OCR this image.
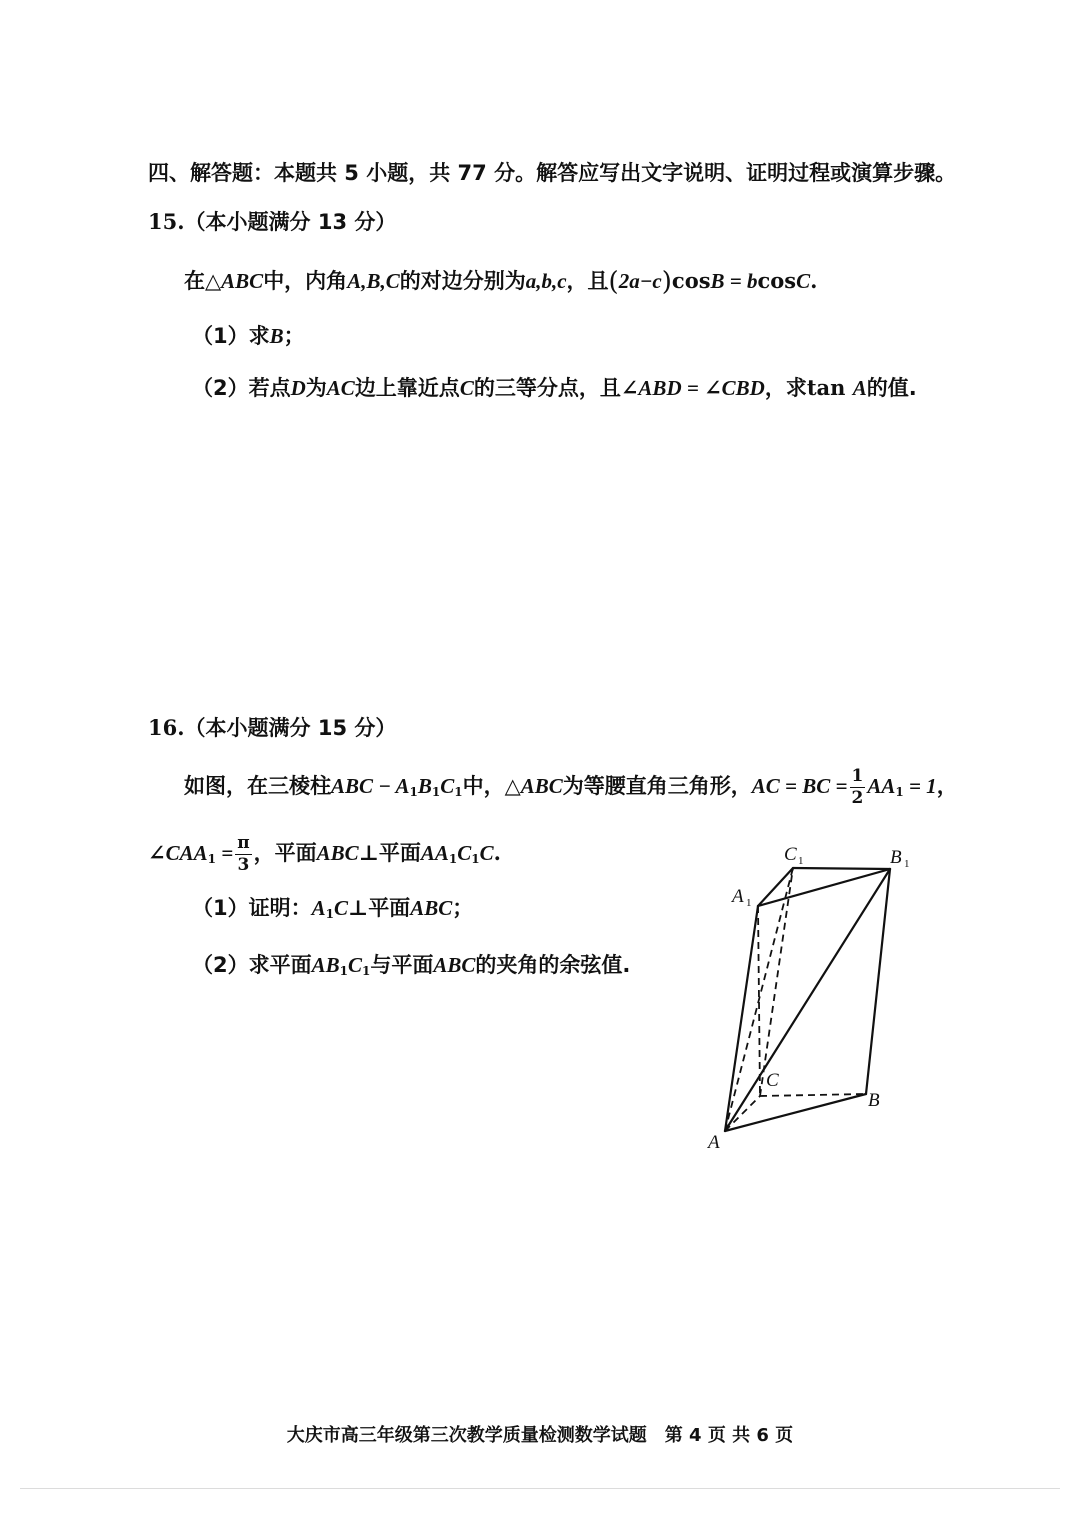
四、解答题：本题共 5 小题，共 77 分。解答应写出文字说明、证明过程或演算步骤。
15.（本小题满分 13 分）
在△ABC中，内角A,B,C的对边分别为a,b,c，且(2a−c)cosB = bcosC.
（1）求B；
（2）若点D为AC边上靠近点C的三等分点，且∠ABD = ∠CBD，求tan A的值.
16.（本小题满分 15 分）
如图，在三棱柱ABC − $A_1B_1C_1$中，△ABC为等腰直角三角形，AC = BC = $\frac{1}{2} AA_1 = 1$，
$\angle CAA_1 = \frac{\pi}{3}$ ，平面ABC⊥平面$AA_1C_1C$.
（1）证明：$A_1C\perp$平面ABC；
（2）求平面$AB_1C_1$与平面ABC的夹角的余弦值.
C 1	B 1
A 1
C
B
A
大庆市高三年级第三次教学质量检测数学试题　第 4 页 共 6 页
